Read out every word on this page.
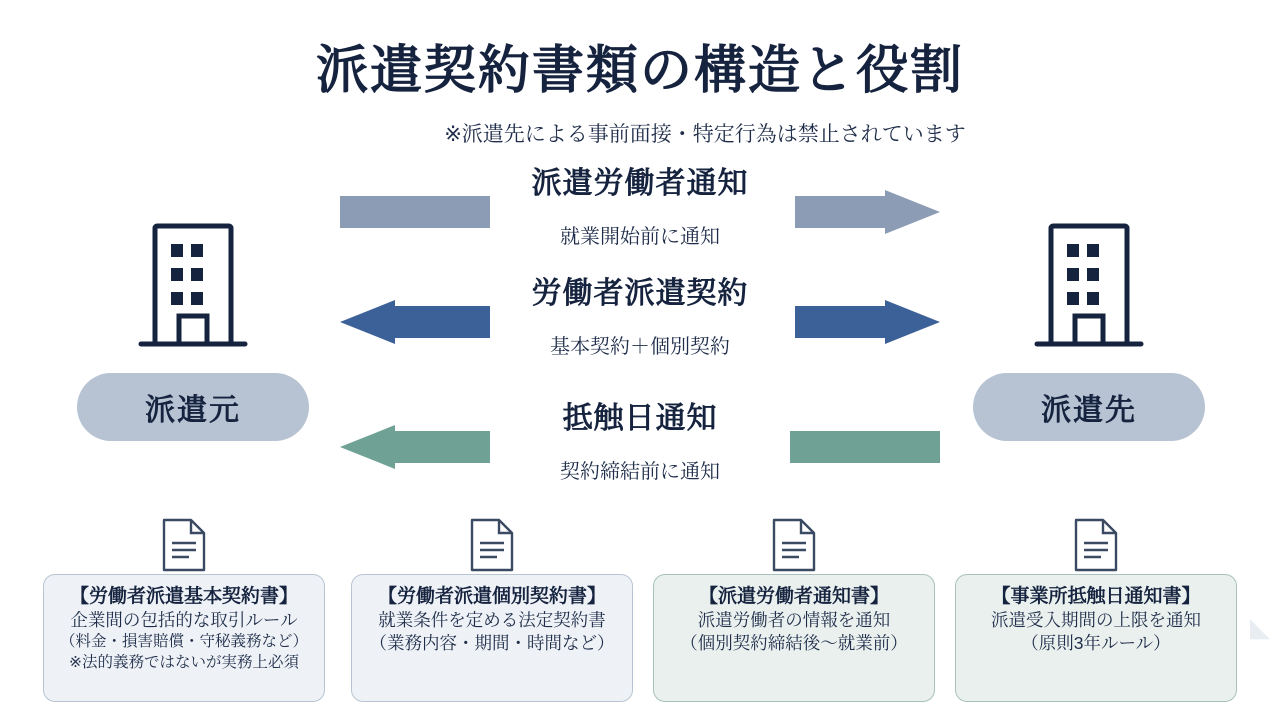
派遣契約書類の構造と役割
※派遣先による事前面接・特定行為は禁止されています
派遣元	派遣先
派遣労働者通知
就業開始前に通知
労働者派遣契約
基本契約＋個別契約
抵触日通知
契約締結前に通知
【労働者派遣基本契約書】
企業間の包括的な取引ルール
（料金・損害賠償・守秘義務など）
※法的義務ではないが実務上必須
【労働者派遣個別契約書】
就業条件を定める法定契約書
（業務内容・期間・時間など）
【派遣労働者通知書】
派遣労働者の情報を通知
（個別契約締結後〜就業前）
【事業所抵触日通知書】
派遣受入期間の上限を通知
（原則3年ルール）
◣
